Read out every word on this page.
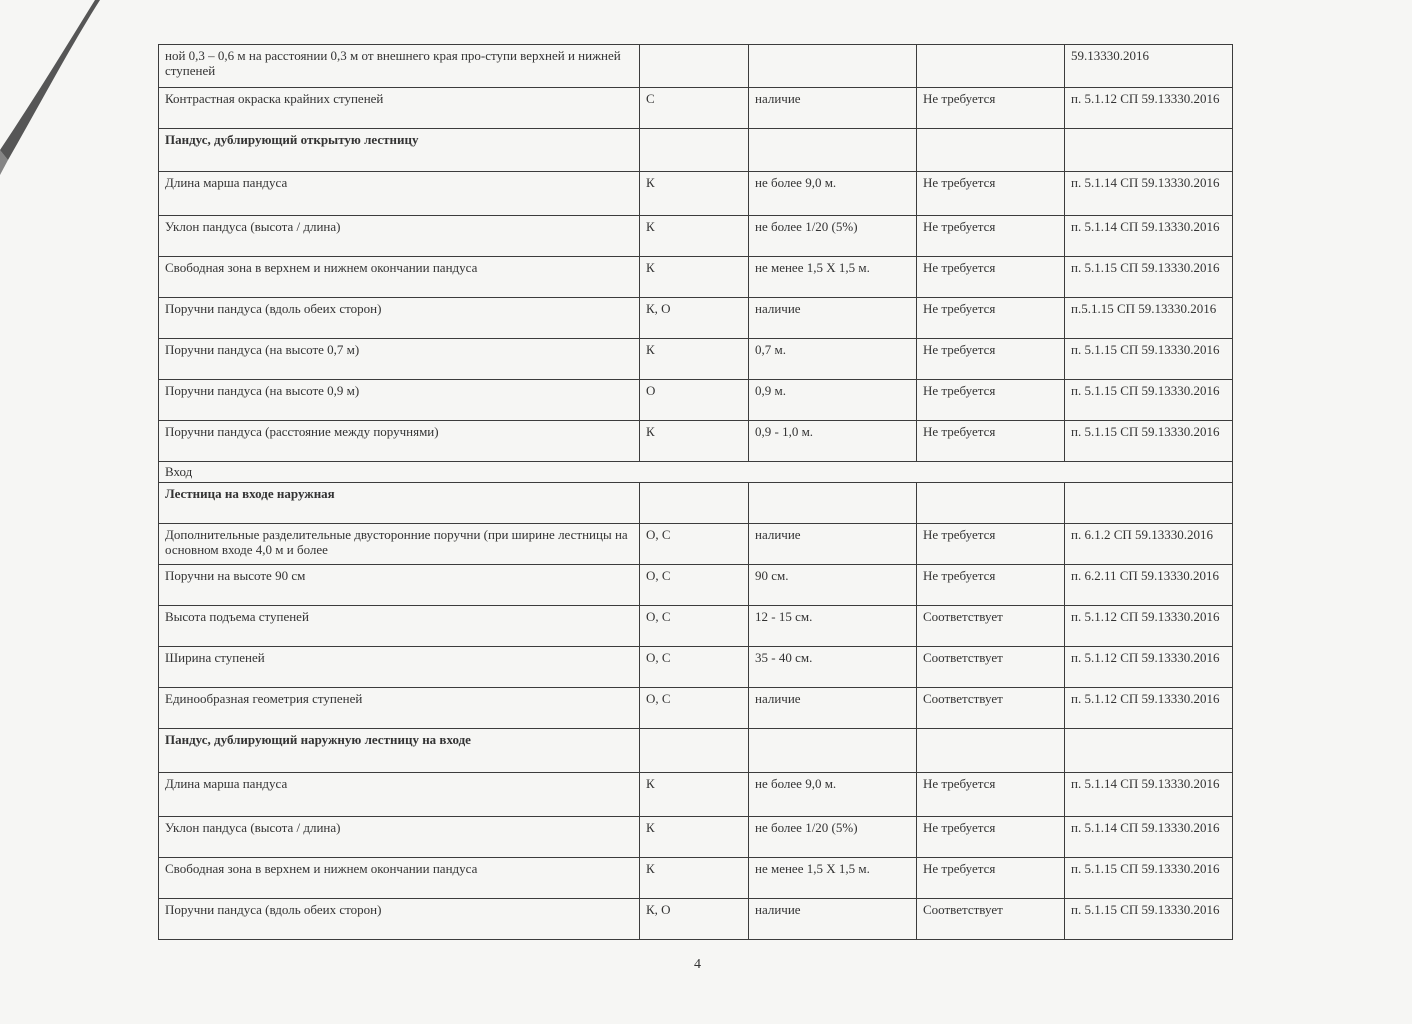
ной 0,3 – 0,6 м на расстоянии 0,3 м от внешнего края про-ступи верхней и нижней ступеней				59.13330.2016
Контрастная окраска крайних ступеней	С	наличие	Не требуется	п. 5.1.12 СП 59.13330.2016
Пандус, дублирующий открытую лестницу				
Длина марша пандуса	К	не более 9,0 м.	Не требуется	п. 5.1.14 СП 59.13330.2016
Уклон пандуса (высота / длина)	К	не более 1/20 (5%)	Не требуется	п. 5.1.14 СП 59.13330.2016
Свободная зона в верхнем и нижнем окончании пандуса	К	не менее 1,5 Х 1,5 м.	Не требуется	п. 5.1.15 СП 59.13330.2016
Поручни пандуса (вдоль обеих сторон)	К, О	наличие	Не требуется	п.5.1.15 СП 59.13330.2016
Поручни пандуса (на высоте 0,7 м)	К	0,7 м.	Не требуется	п. 5.1.15 СП 59.13330.2016
Поручни пандуса (на высоте 0,9 м)	О	0,9 м.	Не требуется	п. 5.1.15 СП 59.13330.2016
Поручни пандуса (расстояние между поручнями)	К	0,9 - 1,0 м.	Не требуется	п. 5.1.15 СП 59.13330.2016
Вход				
Лестница на входе наружная				
Дополнительные разделительные двусторонние поручни (при ширине лестницы на основном входе 4,0 м и более	О, С	наличие	Не требуется	п. 6.1.2 СП 59.13330.2016
Поручни на высоте 90 см	О, С	90 см.	Не требуется	п. 6.2.11 СП 59.13330.2016
Высота подъема ступеней	О, С	12 - 15 см.	Соответствует	п. 5.1.12 СП 59.13330.2016
Ширина ступеней	О, С	35 - 40 см.	Соответствует	п. 5.1.12 СП 59.13330.2016
Единообразная геометрия ступеней	О, С	наличие	Соответствует	п. 5.1.12 СП 59.13330.2016
Пандус, дублирующий наружную лестницу на входе				
Длина марша пандуса	К	не более 9,0 м.	Не требуется	п. 5.1.14 СП 59.13330.2016
Уклон пандуса (высота / длина)	К	не более 1/20 (5%)	Не требуется	п. 5.1.14 СП 59.13330.2016
Свободная зона в верхнем и нижнем окончании пандуса	К	не менее 1,5 Х 1,5 м.	Не требуется	п. 5.1.15 СП 59.13330.2016
Поручни пандуса (вдоль обеих сторон)	К, О	наличие	Соответствует	п. 5.1.15 СП 59.13330.2016
4
